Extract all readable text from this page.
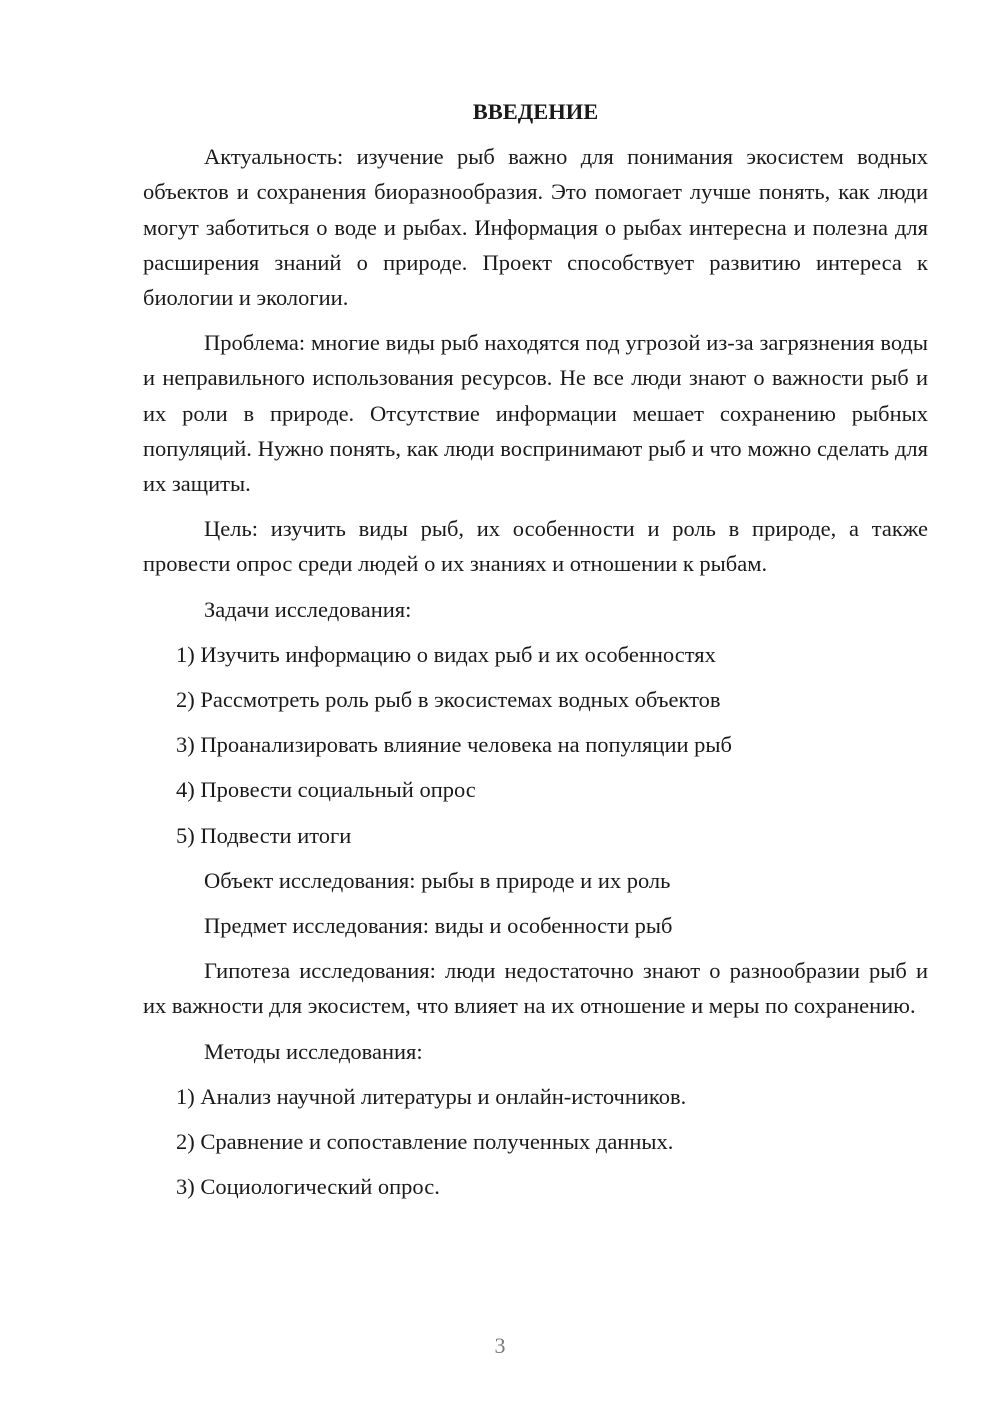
ВВЕДЕНИЕ

Актуальность: изучение рыб важно для понимания экосистем водных объектов и сохранения биоразнообразия. Это помогает лучше понять, как люди могут заботиться о воде и рыбах. Информация о рыбах интересна и полезна для расширения знаний о природе. Проект способствует развитию интереса к биологии и экологии.

Проблема: многие виды рыб находятся под угрозой из-за загрязнения воды и неправильного использования ресурсов. Не все люди знают о важности рыб и их роли в природе. Отсутствие информации мешает сохранению рыбных популяций. Нужно понять, как люди воспринимают рыб и что можно сделать для их защиты.

Цель: изучить виды рыб, их особенности и роль в природе, а также провести опрос среди людей о их знаниях и отношении к рыбам.

Задачи исследования:

1) Изучить информацию о видах рыб и их особенностях
2) Рассмотреть роль рыб в экосистемах водных объектов
3) Проанализировать влияние человека на популяции рыб
4) Провести социальный опрос
5) Подвести итоги

Объект исследования: рыбы в природе и их роль

Предмет исследования: виды и особенности рыб

Гипотеза исследования: люди недостаточно знают о разнообразии рыб и их важности для экосистем, что влияет на их отношение и меры по сохранению.

Методы исследования:

1) Анализ научной литературы и онлайн-источников.
2) Сравнение и сопоставление полученных данных.
3) Социологический опрос.
3
